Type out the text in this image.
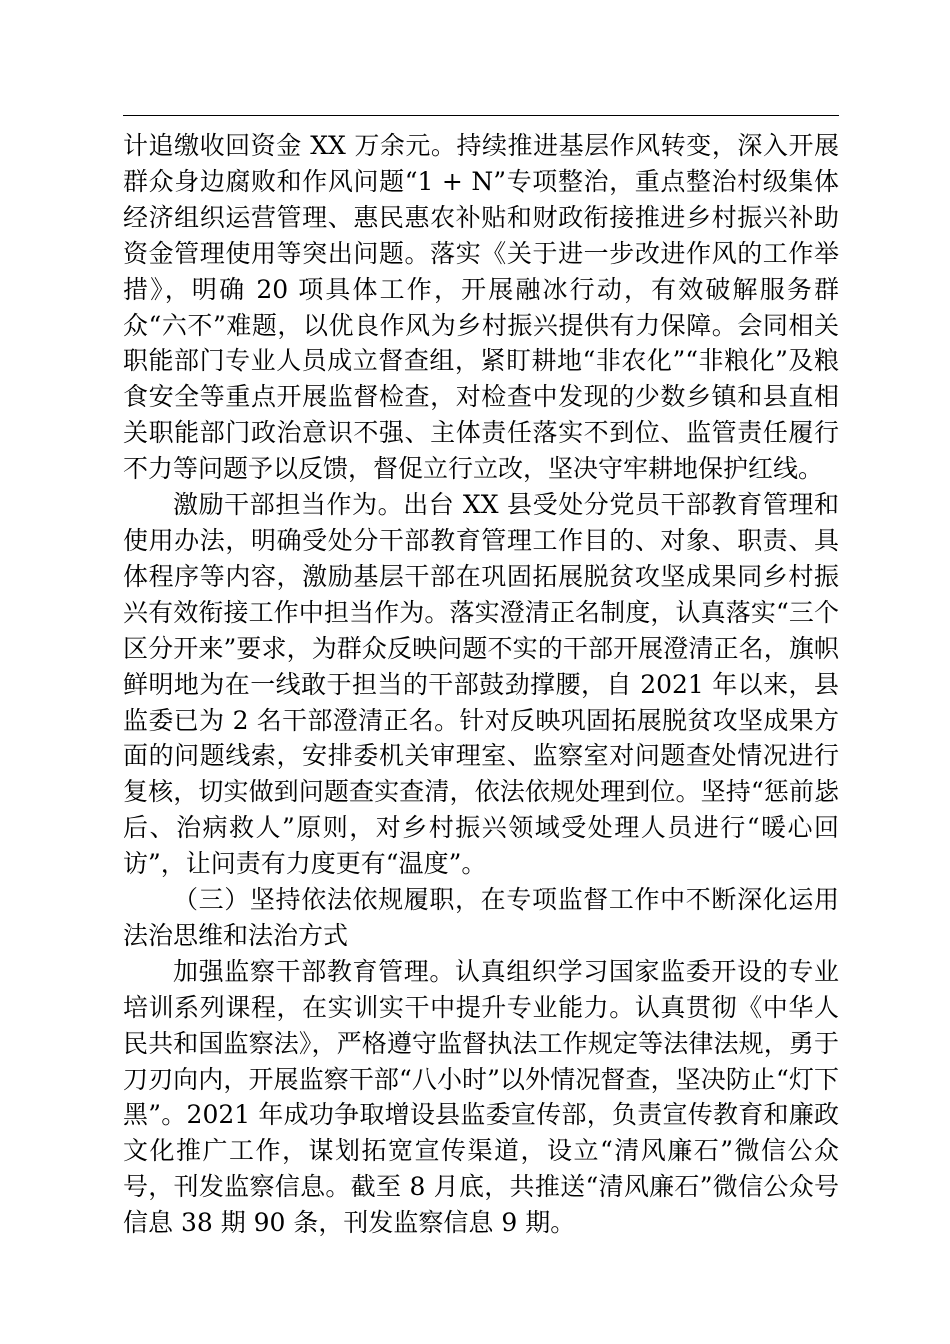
计追缴收回资金 XX 万余元。持续推进基层作风转变，深入开展群众身边腐败和作风问题“1 + N”专项整治，重点整治村级集体经济组织运营管理、惠民惠农补贴和财政衔接推进乡村振兴补助资金管理使用等突出问题。落实《关于进一步改进作风的工作举措》，明确 20 项具体工作，开展融冰行动，有效破解服务群众“六不”难题，以优良作风为乡村振兴提供有力保障。会同相关职能部门专业人员成立督查组，紧盯耕地“非农化”“非粮化”及粮食安全等重点开展监督检查，对检查中发现的少数乡镇和县直相关职能部门政治意识不强、主体责任落实不到位、监管责任履行不力等问题予以反馈，督促立行立改，坚决守牢耕地保护红线。

激励干部担当作为。出台 XX 县受处分党员干部教育管理和使用办法，明确受处分干部教育管理工作目的、对象、职责、具体程序等内容，激励基层干部在巩固拓展脱贫攻坚成果同乡村振兴有效衔接工作中担当作为。落实澄清正名制度，认真落实“三个区分开来”要求，为群众反映问题不实的干部开展澄清正名，旗帜鲜明地为在一线敢于担当的干部鼓劲撑腰，自 2021 年以来，县监委已为 2 名干部澄清正名。针对反映巩固拓展脱贫攻坚成果方面的问题线索，安排委机关审理室、监察室对问题查处情况进行复核，切实做到问题查实查清，依法依规处理到位。坚持“惩前毖后、治病救人”原则，对乡村振兴领域受处理人员进行“暖心回访”，让问责有力度更有“温度”。

（三）坚持依法依规履职，在专项监督工作中不断深化运用法治思维和法治方式

加强监察干部教育管理。认真组织学习国家监委开设的专业培训系列课程，在实训实干中提升专业能力。认真贯彻《中华人民共和国监察法》，严格遵守监督执法工作规定等法律法规，勇于刀刃向内，开展监察干部“八小时”以外情况督查，坚决防止“灯下黑”。2021 年成功争取增设县监委宣传部，负责宣传教育和廉政文化推广工作，谋划拓宽宣传渠道，设立“清风廉石”微信公众号，刊发监察信息。截至 8 月底，共推送“清风廉石”微信公众号信息 38 期 90 条，刊发监察信息 9 期。
